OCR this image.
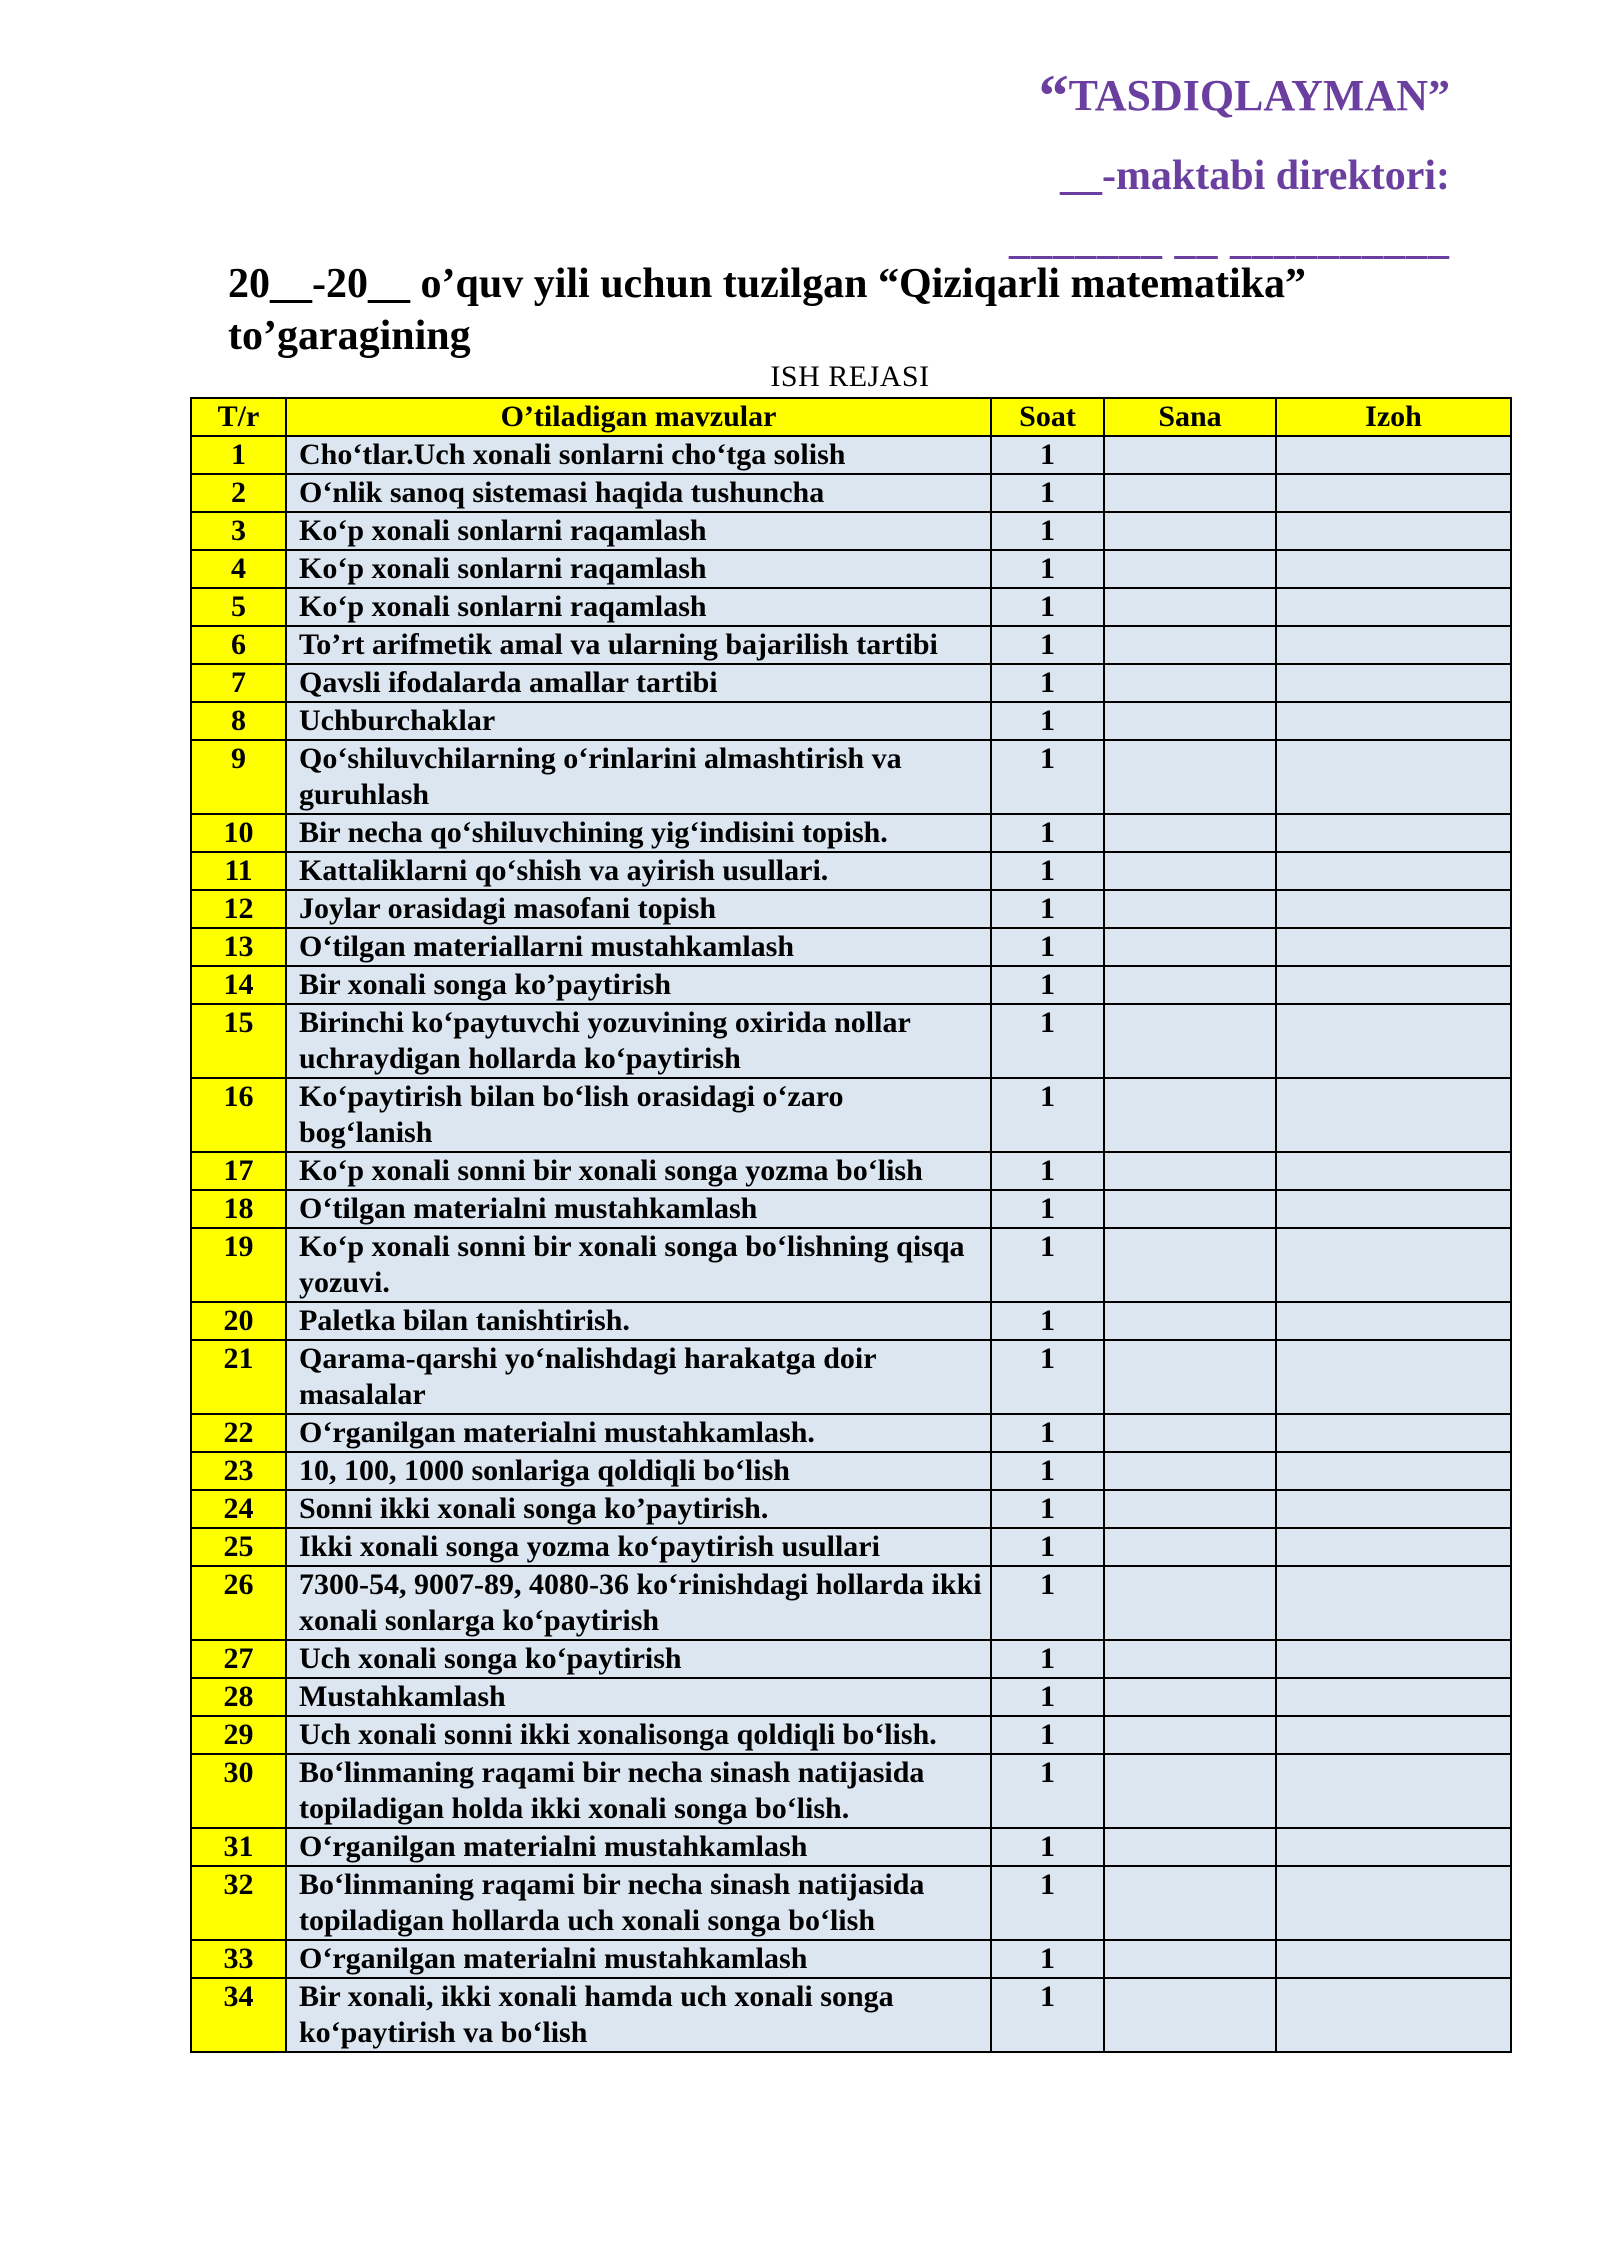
“TASDIQLAYMAN”
__-maktabi direktori:
_______ __ __________
20__-20__ o’quv yili uchun tuzilgan “Qiziqarli matematika” to’garagining
ISH REJASI
T/r	O’tiladigan mavzular	Soat	Sana	Izoh
1	Cho‘tlar.Uch xonali sonlarni cho‘tga solish	1		
2	O‘nlik sanoq sistemasi haqida tushuncha	1		
3	Ko‘p xonali sonlarni raqamlash	1		
4	Ko‘p xonali sonlarni raqamlash	1		
5	Ko‘p xonali sonlarni raqamlash	1		
6	To’rt arifmetik amal va ularning bajarilish tartibi	1		
7	Qavsli ifodalarda amallar tartibi	1		
8	Uchburchaklar	1		
9	Qo‘shiluvchilarning o‘rinlarini almashtirish va guruhlash	1		
10	Bir necha qo‘shiluvchining yig‘indisini topish.	1		
11	Kattaliklarni qo‘shish va ayirish usullari.	1		
12	Joylar orasidagi masofani topish	1		
13	O‘tilgan materiallarni mustahkamlash	1		
14	Bir xonali songa ko’paytirish	1		
15	Birinchi ko‘paytuvchi yozuvining oxirida nollar uchraydigan hollarda ko‘paytirish	1		
16	Ko‘paytirish bilan bo‘lish orasidagi o‘zaro bog‘lanish	1		
17	Ko‘p xonali sonni bir xonali songa yozma bo‘lish	1		
18	O‘tilgan materialni mustahkamlash	1		
19	Ko‘p xonali sonni bir xonali songa bo‘lishning qisqa yozuvi.	1		
20	Paletka bilan tanishtirish.	1		
21	Qarama-qarshi yo‘nalishdagi harakatga doir masalalar	1		
22	O‘rganilgan materialni mustahkamlash.	1		
23	10, 100, 1000 sonlariga qoldiqli bo‘lish	1		
24	Sonni ikki xonali songa ko’paytirish.	1		
25	Ikki xonali songa yozma ko‘paytirish usullari	1		
26	7300-54, 9007-89, 4080-36 ko‘rinishdagi hollarda ikki xonali sonlarga ko‘paytirish	1		
27	Uch xonali songa ko‘paytirish	1		
28	Mustahkamlash	1		
29	Uch xonali sonni ikki xonalisonga qoldiqli bo‘lish.	1		
30	Bo‘linmaning raqami bir necha sinash natijasida topiladigan holda ikki xonali songa bo‘lish.	1		
31	O‘rganilgan materialni mustahkamlash	1		
32	Bo‘linmaning raqami bir necha sinash natijasida topiladigan hollarda uch xonali songa bo‘lish	1		
33	O‘rganilgan materialni mustahkamlash	1		
34	Bir xonali, ikki xonali hamda uch xonali songa ko‘paytirish va bo‘lish	1		
